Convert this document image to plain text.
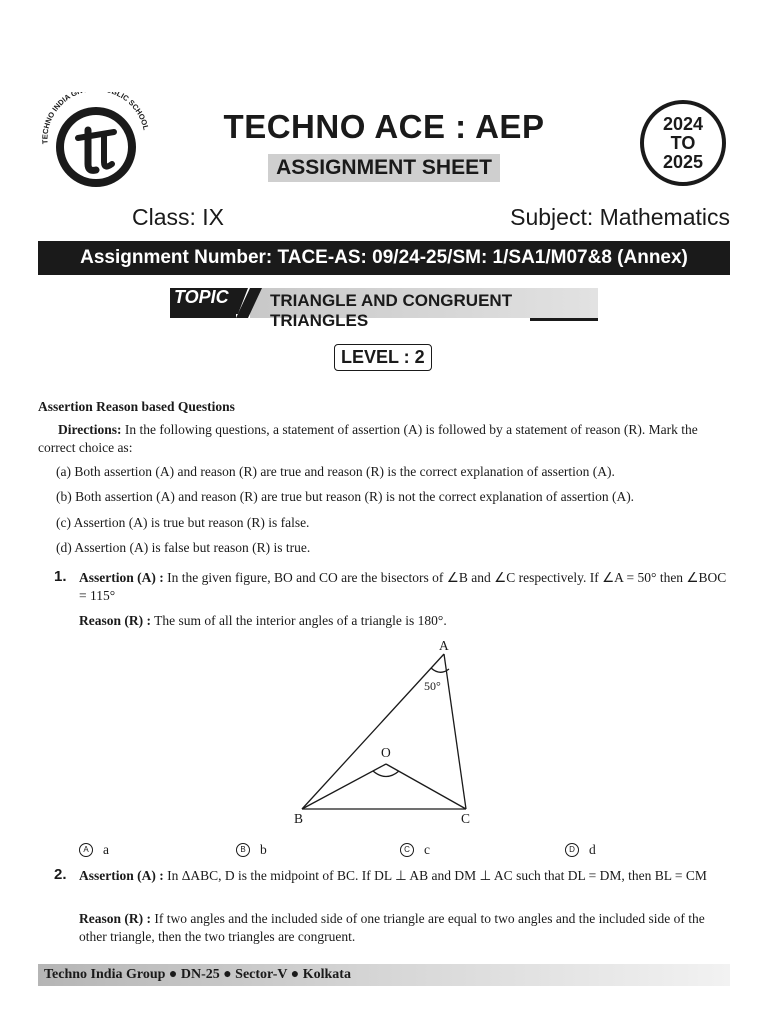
TECHNO INDIA G LIC SCHOOL	TECHNO ACE : AEP
ASSIGNMENT SHEET
2024
TO
2025
Class: IX	Subject: Mathematics
Assignment Number: TACE-AS: 09/24-25/SM: 1/SA1/M07&8 (Annex)
TOPIC TRIANGLE AND CONGRUENT TRIANGLES
LEVEL : 2
Assertion Reason based Questions
Directions: In the following questions, a statement of assertion (A) is followed by a statement of reason (R). Mark the correct choice as:
(a) Both assertion (A) and reason (R) are true and reason (R) is the correct explanation of assertion (A).
(b) Both assertion (A) and reason (R) are true but reason (R) is not the correct explanation of assertion (A).
(c) Assertion (A) is true but reason (R) is false.
(d) Assertion (A) is false but reason (R) is true.
1. Assertion (A) : In the given figure, BO and CO are the bisectors of ∠B and ∠C respectively. If ∠A = 50° then ∠BOC = 115°
Reason (R) : The sum of all the interior angles of a triangle is 180°.
A
50°
O
B	C
A	a	B	b	C	c	D	d
2. Assertion (A) : In ΔABC, D is the midpoint of BC. If DL ⊥ AB and DM ⊥ AC such that DL = DM, then BL = CM
Reason (R) : If two angles and the included side of one triangle are equal to two angles and the included side of the other triangle, then the two triangles are congruent.
Techno India Group ● DN-25 ● Sector-V ● Kolkata
